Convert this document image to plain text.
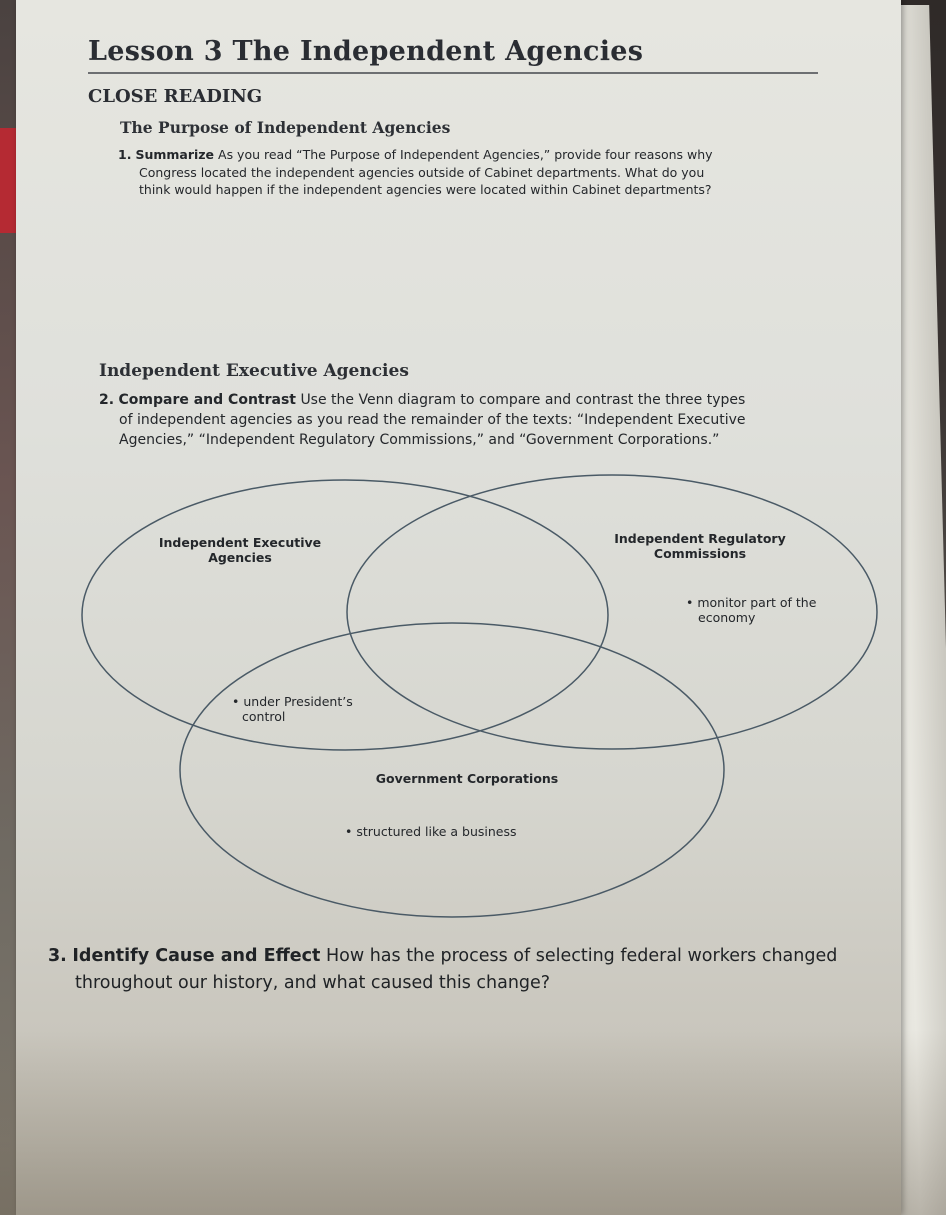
Lesson 3 The Independent Agencies
CLOSE READING
The Purpose of Independent Agencies
1. Summarize As you read “The Purpose of Independent Agencies,” provide four reasons why
Congress located the independent agencies outside of Cabinet departments. What do you
think would happen if the independent agencies were located within Cabinet departments?
Independent Executive Agencies
2. Compare and Contrast Use the Venn diagram to compare and contrast the three types
of independent agencies as you read the remainder of the texts: “Independent Executive
Agencies,” “Independent Regulatory Commissions,” and “Government Corporations.”
Independent Executive
Agencies
Independent Regulatory
Commissions
• monitor part of the
economy
• under President’s
control
Government Corporations
• structured like a business
3. Identify Cause and Effect How has the process of selecting federal workers changed
throughout our history, and what caused this change?
